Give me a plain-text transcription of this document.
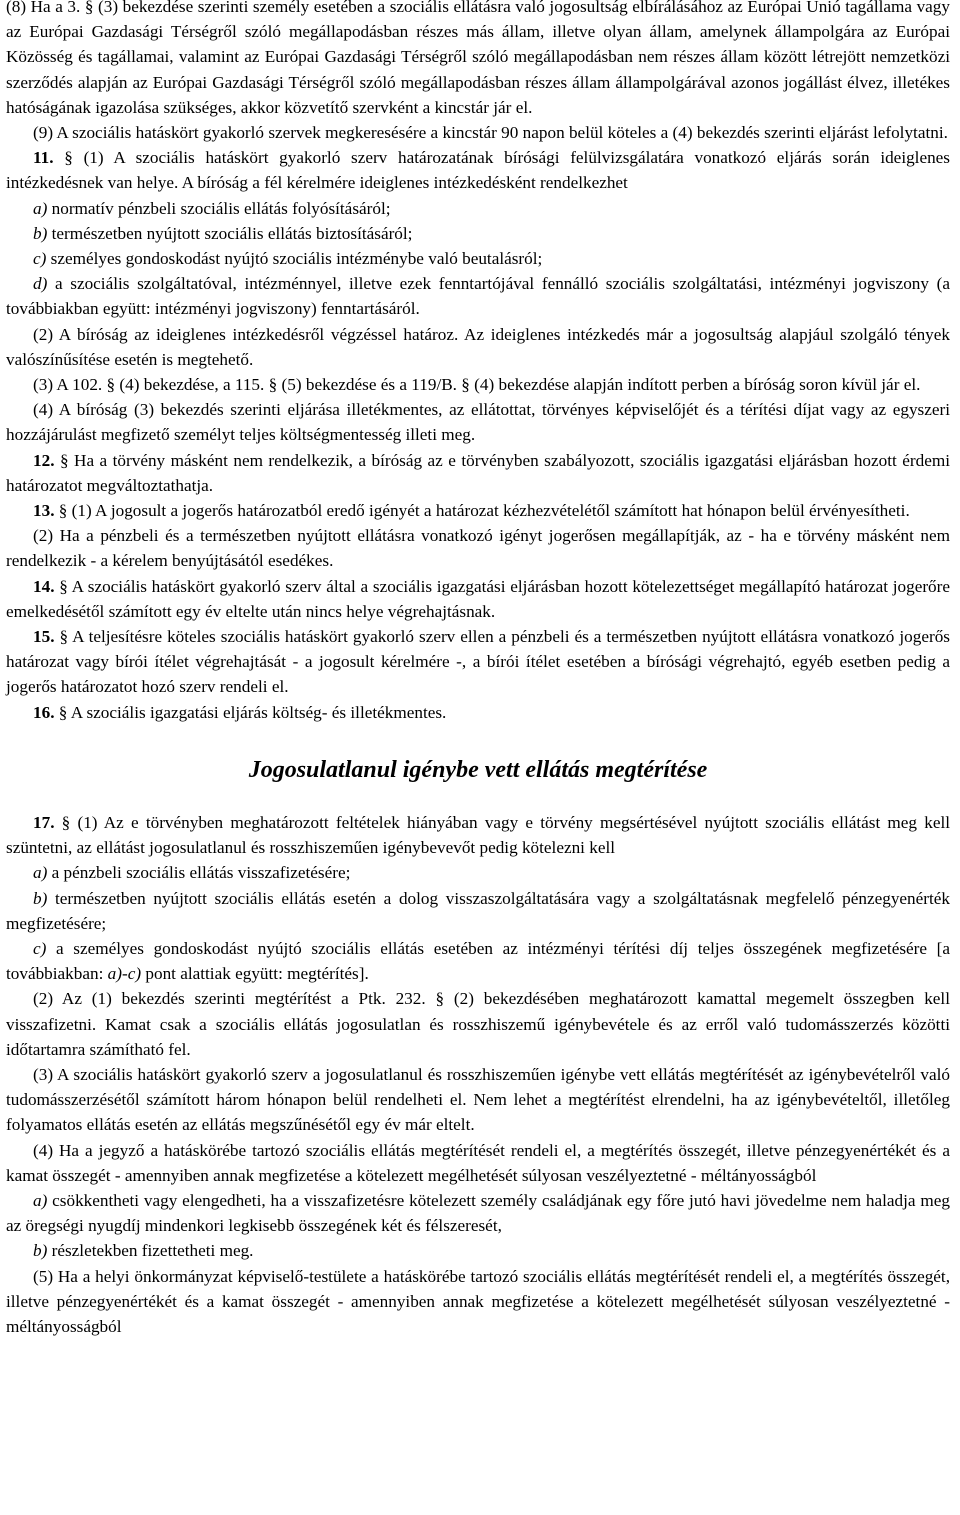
(8) Ha a 3. § (3) bekezdése szerinti személy esetében a szociális ellátásra való jogosultság elbírálásához az Európai Unió tagállama vagy az Európai Gazdasági Térségről szóló megállapodásban részes más állam, illetve olyan állam, amelynek állampolgára az Európai Közösség és tagállamai, valamint az Európai Gazdasági Térségről szóló megállapodásban nem részes állam között létrejött nemzetközi szerződés alapján az Európai Gazdasági Térségről szóló megállapodásban részes állam állampolgárával azonos jogállást élvez, illetékes hatóságának igazolása szükséges, akkor közvetítő szervként a kincstár jár el.

(9) A szociális hatáskört gyakorló szervek megkeresésére a kincstár 90 napon belül köteles a (4) bekezdés szerinti eljárást lefolytatni.

11. § (1) A szociális hatáskört gyakorló szerv határozatának bírósági felülvizsgálatára vonatkozó eljárás során ideiglenes intézkedésnek van helye. A bíróság a fél kérelmére ideiglenes intézkedésként rendelkezhet

a) normatív pénzbeli szociális ellátás folyósításáról;

b) természetben nyújtott szociális ellátás biztosításáról;

c) személyes gondoskodást nyújtó szociális intézménybe való beutalásról;

d) a szociális szolgáltatóval, intézménnyel, illetve ezek fenntartójával fennálló szociális szolgáltatási, intézményi jogviszony (a továbbiakban együtt: intézményi jogviszony) fenntartásáról.

(2) A bíróság az ideiglenes intézkedésről végzéssel határoz. Az ideiglenes intézkedés már a jogosultság alapjául szolgáló tények valószínűsítése esetén is megtehető.

(3) A 102. § (4) bekezdése, a 115. § (5) bekezdése és a 119/B. § (4) bekezdése alapján indított perben a bíróság soron kívül jár el.

(4) A bíróság (3) bekezdés szerinti eljárása illetékmentes, az ellátottat, törvényes képviselőjét és a térítési díjat vagy az egyszeri hozzájárulást megfizető személyt teljes költségmentesség illeti meg.

12. § Ha a törvény másként nem rendelkezik, a bíróság az e törvényben szabályozott, szociális igazgatási eljárásban hozott érdemi határozatot megváltoztathatja.

13. § (1) A jogosult a jogerős határozatból eredő igényét a határozat kézhezvételétől számított hat hónapon belül érvényesítheti.

(2) Ha a pénzbeli és a természetben nyújtott ellátásra vonatkozó igényt jogerősen megállapítják, az - ha e törvény másként nem rendelkezik - a kérelem benyújtásától esedékes.

14. § A szociális hatáskört gyakorló szerv által a szociális igazgatási eljárásban hozott kötelezettséget megállapító határozat jogerőre emelkedésétől számított egy év eltelte után nincs helye végrehajtásnak.

15. § A teljesítésre köteles szociális hatáskört gyakorló szerv ellen a pénzbeli és a természetben nyújtott ellátásra vonatkozó jogerős határozat vagy bírói ítélet végrehajtását - a jogosult kérelmére -, a bírói ítélet esetében a bírósági végrehajtó, egyéb esetben pedig a jogerős határozatot hozó szerv rendeli el.

16. § A szociális igazgatási eljárás költség- és illetékmentes.

Jogosulatlanul igénybe vett ellátás megtérítése

17. § (1) Az e törvényben meghatározott feltételek hiányában vagy e törvény megsértésével nyújtott szociális ellátást meg kell szüntetni, az ellátást jogosulatlanul és rosszhiszeműen igénybevevőt pedig kötelezni kell

a) a pénzbeli szociális ellátás visszafizetésére;

b) természetben nyújtott szociális ellátás esetén a dolog visszaszolgáltatására vagy a szolgáltatásnak megfelelő pénzegyenérték megfizetésére;

c) a személyes gondoskodást nyújtó szociális ellátás esetében az intézményi térítési díj teljes összegének megfizetésére [a továbbiakban: a)-c) pont alattiak együtt: megtérítés].

(2) Az (1) bekezdés szerinti megtérítést a Ptk. 232. § (2) bekezdésében meghatározott kamattal megemelt összegben kell visszafizetni. Kamat csak a szociális ellátás jogosulatlan és rosszhiszemű igénybevétele és az erről való tudomásszerzés közötti időtartamra számítható fel.

(3) A szociális hatáskört gyakorló szerv a jogosulatlanul és rosszhiszeműen igénybe vett ellátás megtérítését az igénybevételről való tudomásszerzésétől számított három hónapon belül rendelheti el. Nem lehet a megtérítést elrendelni, ha az igénybevételtől, illetőleg folyamatos ellátás esetén az ellátás megszűnésétől egy év már eltelt.

(4) Ha a jegyző a hatáskörébe tartozó szociális ellátás megtérítését rendeli el, a megtérítés összegét, illetve pénzegyenértékét és a kamat összegét - amennyiben annak megfizetése a kötelezett megélhetését súlyosan veszélyeztetné - méltányosságból

a) csökkentheti vagy elengedheti, ha a visszafizetésre kötelezett személy családjának egy főre jutó havi jövedelme nem haladja meg az öregségi nyugdíj mindenkori legkisebb összegének két és félszeresét,

b) részletekben fizettetheti meg.

(5) Ha a helyi önkormányzat képviselő-testülete a hatáskörébe tartozó szociális ellátás megtérítését rendeli el, a megtérítés összegét, illetve pénzegyenértékét és a kamat összegét - amennyiben annak megfizetése a kötelezett megélhetését súlyosan veszélyeztetné - méltányosságból
